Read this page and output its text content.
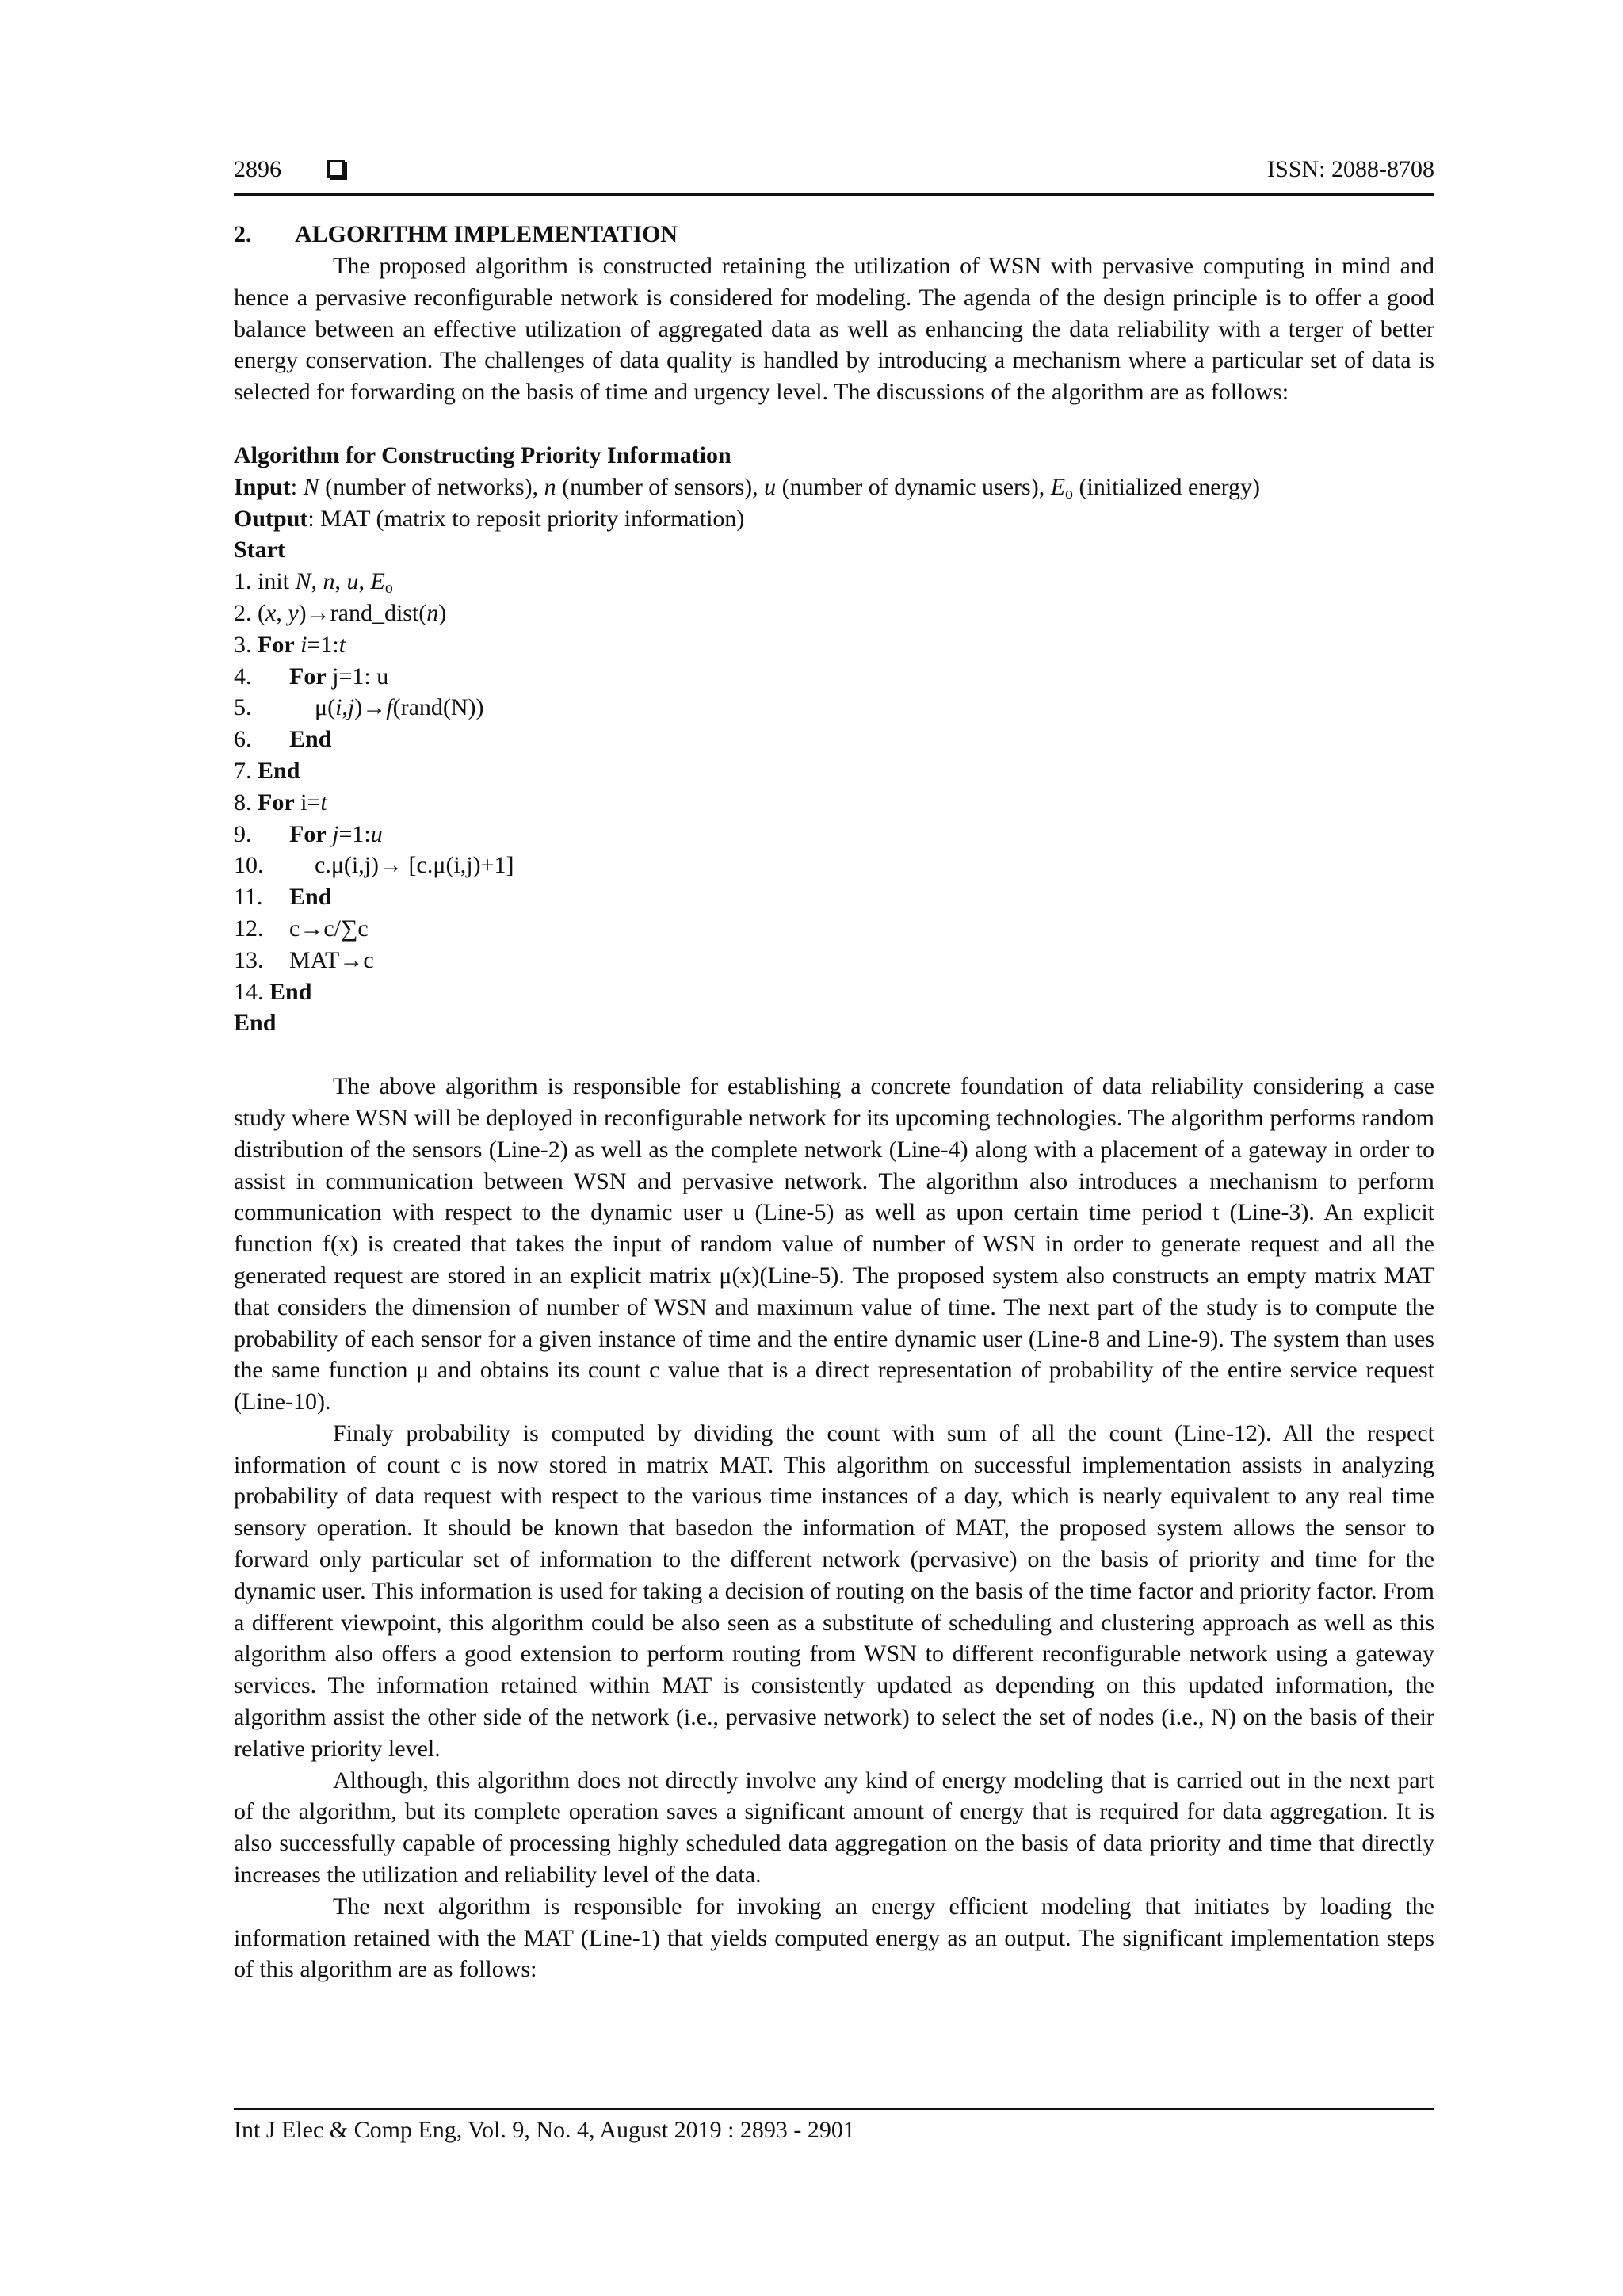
2896	ISSN: 2088-8708
2. ALGORITHM IMPLEMENTATION

The proposed algorithm is constructed retaining the utilization of WSN with pervasive computing in mind and hence a pervasive reconfigurable network is considered for modeling. The agenda of the design principle is to offer a good balance between an effective utilization of aggregated data as well as enhancing the data reliability with a terger of better energy conservation. The challenges of data quality is handled by introducing a mechanism where a particular set of data is selected for forwarding on the basis of time and urgency level. The discussions of the algorithm are as follows:

Algorithm for Constructing Priority Information
Input: N (number of networks), n (number of sensors), u (number of dynamic users), $E_o$ (initialized energy)
Output: MAT (matrix to reposit priority information)
Start
1. init N, n, u, $E_o$
2. (x, y)→rand_dist(n)
3. For i=1:t
4. For j=1: u
5.	μ(i,j)→f(rand(N))
6. End
7. End
8. For i=t
9. For j=1:u
10. c.μ(i,j)→ [c.μ(i,j)+1]
11. End
12. c→c/∑c
13. MAT→c
14. End
End

The above algorithm is responsible for establishing a concrete foundation of data reliability considering a case study where WSN will be deployed in reconfigurable network for its upcoming technologies. The algorithm performs random distribution of the sensors (Line-2) as well as the complete network (Line-4) along with a placement of a gateway in order to assist in communication between WSN and pervasive network. The algorithm also introduces a mechanism to perform communication with respect to the dynamic user u (Line-5) as well as upon certain time period t (Line-3). An explicit function f(x) is created that takes the input of random value of number of WSN in order to generate request and all the generated request are stored in an explicit matrix μ(x)(Line-5). The proposed system also constructs an empty matrix MAT that considers the dimension of number of WSN and maximum value of time. The next part of the study is to compute the probability of each sensor for a given instance of time and the entire dynamic user (Line-8 and Line-9). The system than uses the same function μ and obtains its count c value that is a direct representation of probability of the entire service request (Line-10).

Finaly probability is computed by dividing the count with sum of all the count (Line-12). All the respect information of count c is now stored in matrix MAT. This algorithm on successful implementation assists in analyzing probability of data request with respect to the various time instances of a day, which is nearly equivalent to any real time sensory operation. It should be known that basedon the information of MAT, the proposed system allows the sensor to forward only particular set of information to the different network (pervasive) on the basis of priority and time for the dynamic user. This information is used for taking a decision of routing on the basis of the time factor and priority factor. From a different viewpoint, this algorithm could be also seen as a substitute of scheduling and clustering approach as well as this algorithm also offers a good extension to perform routing from WSN to different reconfigurable network using a gateway services. The information retained within MAT is consistently updated as depending on this updated information, the algorithm assist the other side of the network (i.e., pervasive network) to select the set of nodes (i.e., N) on the basis of their relative priority level.

Although, this algorithm does not directly involve any kind of energy modeling that is carried out in the next part of the algorithm, but its complete operation saves a significant amount of energy that is required for data aggregation. It is also successfully capable of processing highly scheduled data aggregation on the basis of data priority and time that directly increases the utilization and reliability level of the data.

The next algorithm is responsible for invoking an energy efficient modeling that initiates by loading the information retained with the MAT (Line-1) that yields computed energy as an output. The significant implementation steps of this algorithm are as follows:

Int J Elec & Comp Eng, Vol. 9, No. 4, August 2019 : 2893 - 2901
